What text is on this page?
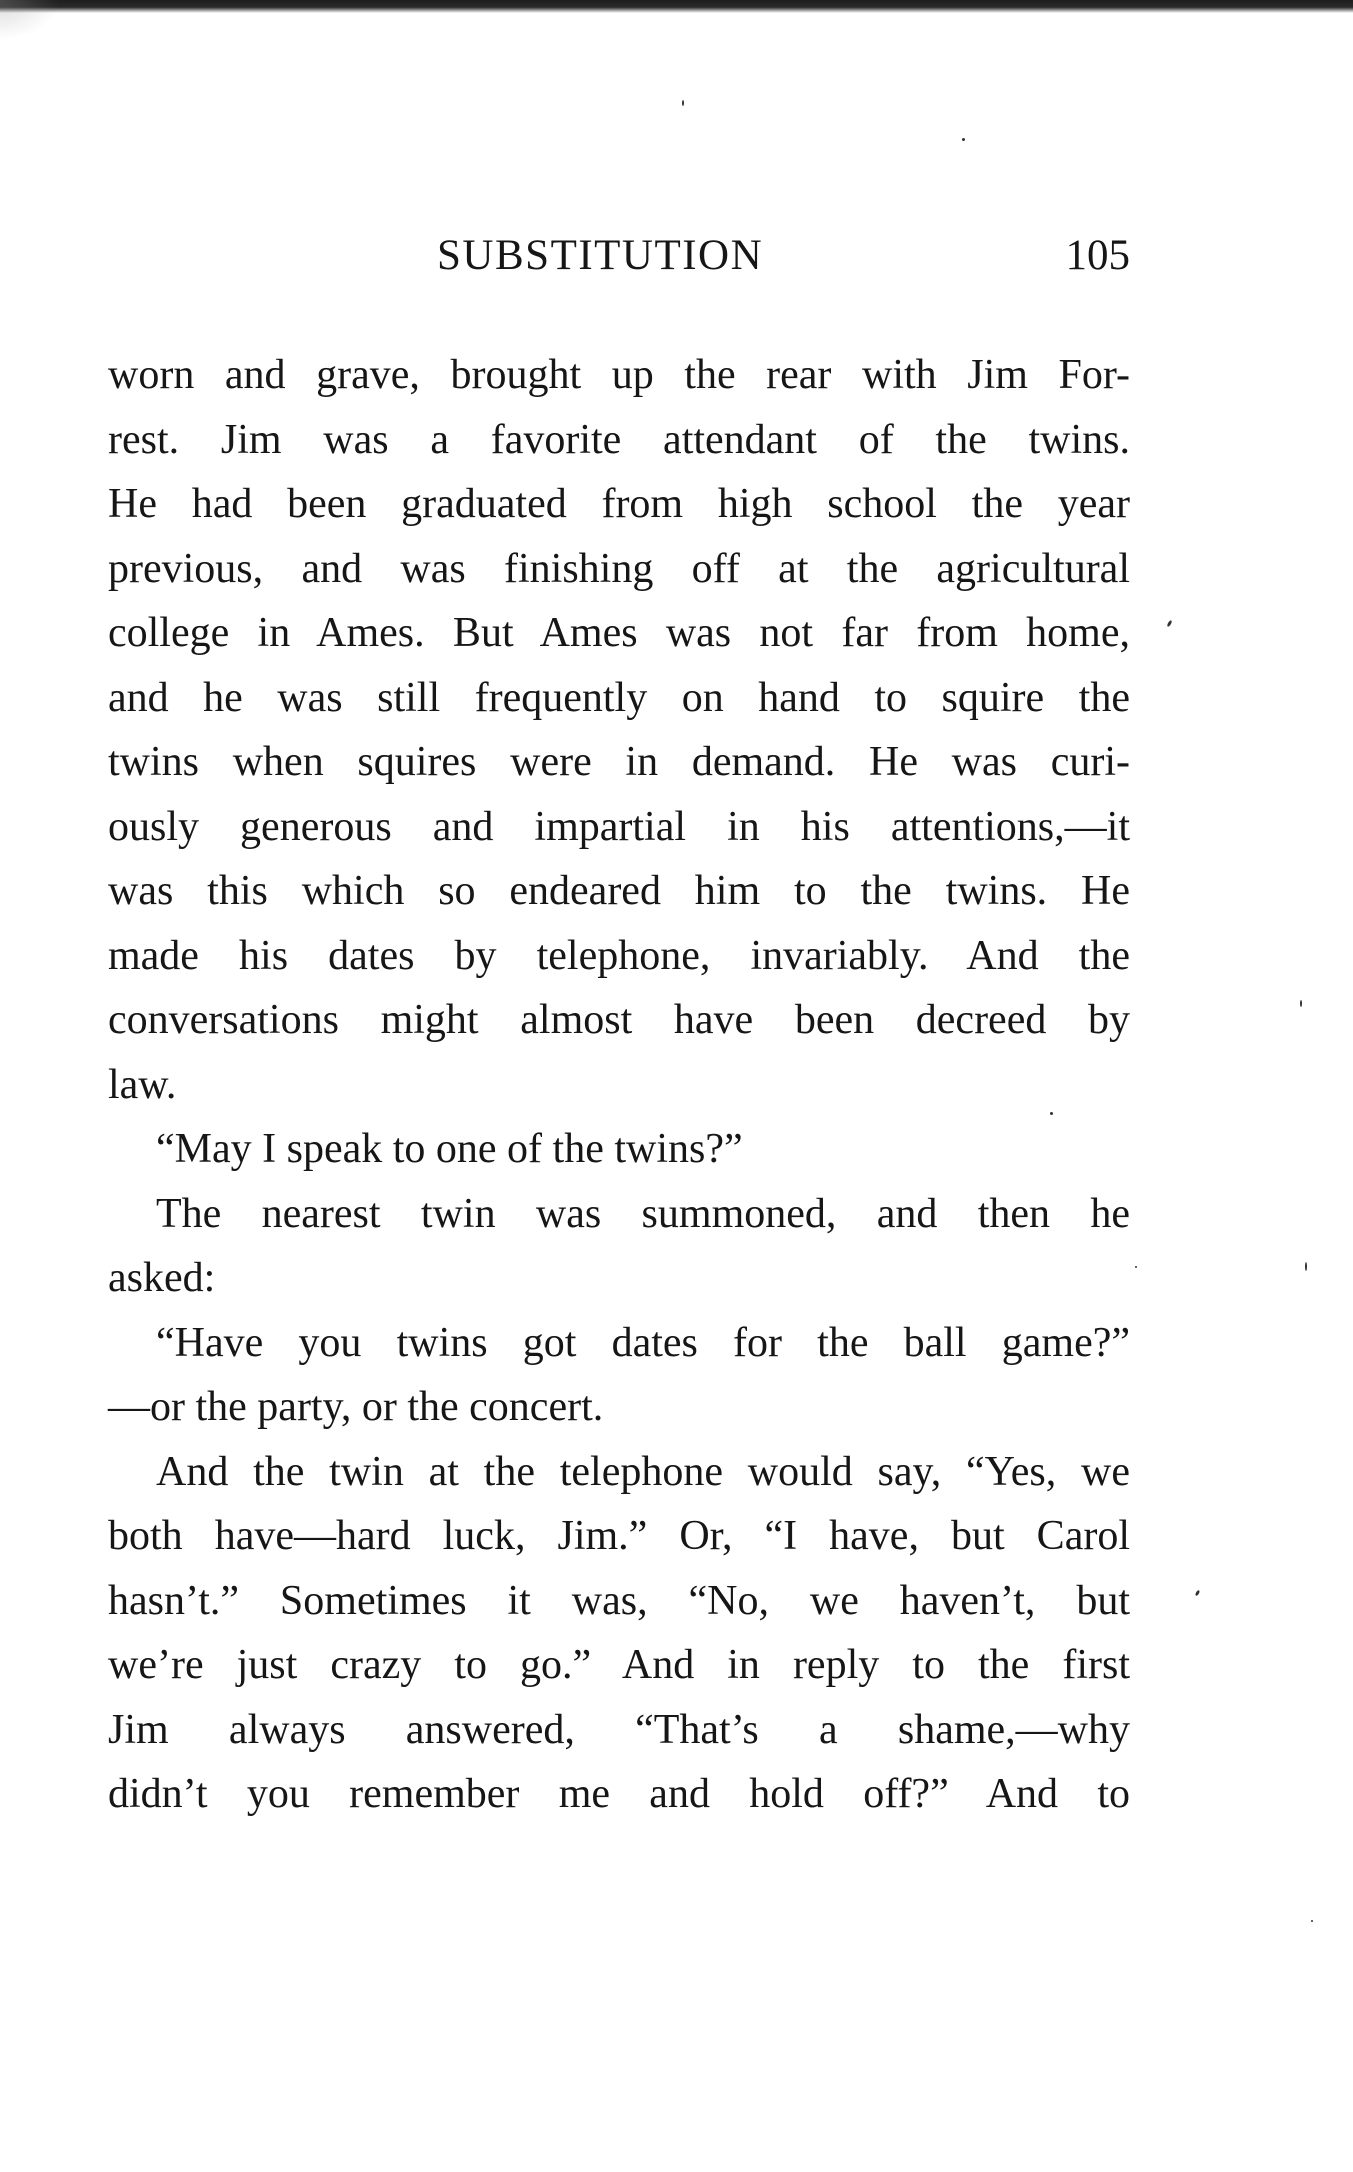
SUBSTITUTION	105
worn and grave, brought up the rear with Jim For-
rest. Jim was a favorite attendant of the twins.
He had been graduated from high school the year
previous, and was finishing off at the agricultural
college in Ames. But Ames was not far from home,
and he was still frequently on hand to squire the
twins when squires were in demand. He was curi-
ously generous and impartial in his attentions,—it
was this which so endeared him to the twins. He
made his dates by telephone, invariably. And the
conversations might almost have been decreed by
law.
“May I speak to one of the twins?”
The nearest twin was summoned, and then he
asked:
“Have you twins got dates for the ball game?”
—or the party, or the concert.
And the twin at the telephone would say, “Yes, we
both have—hard luck, Jim.” Or, “I have, but Carol
hasn’t.” Sometimes it was, “No, we haven’t, but
we’re just crazy to go.” And in reply to the first
Jim always answered, “That’s a shame,—why
didn’t you remember me and hold off?” And to
